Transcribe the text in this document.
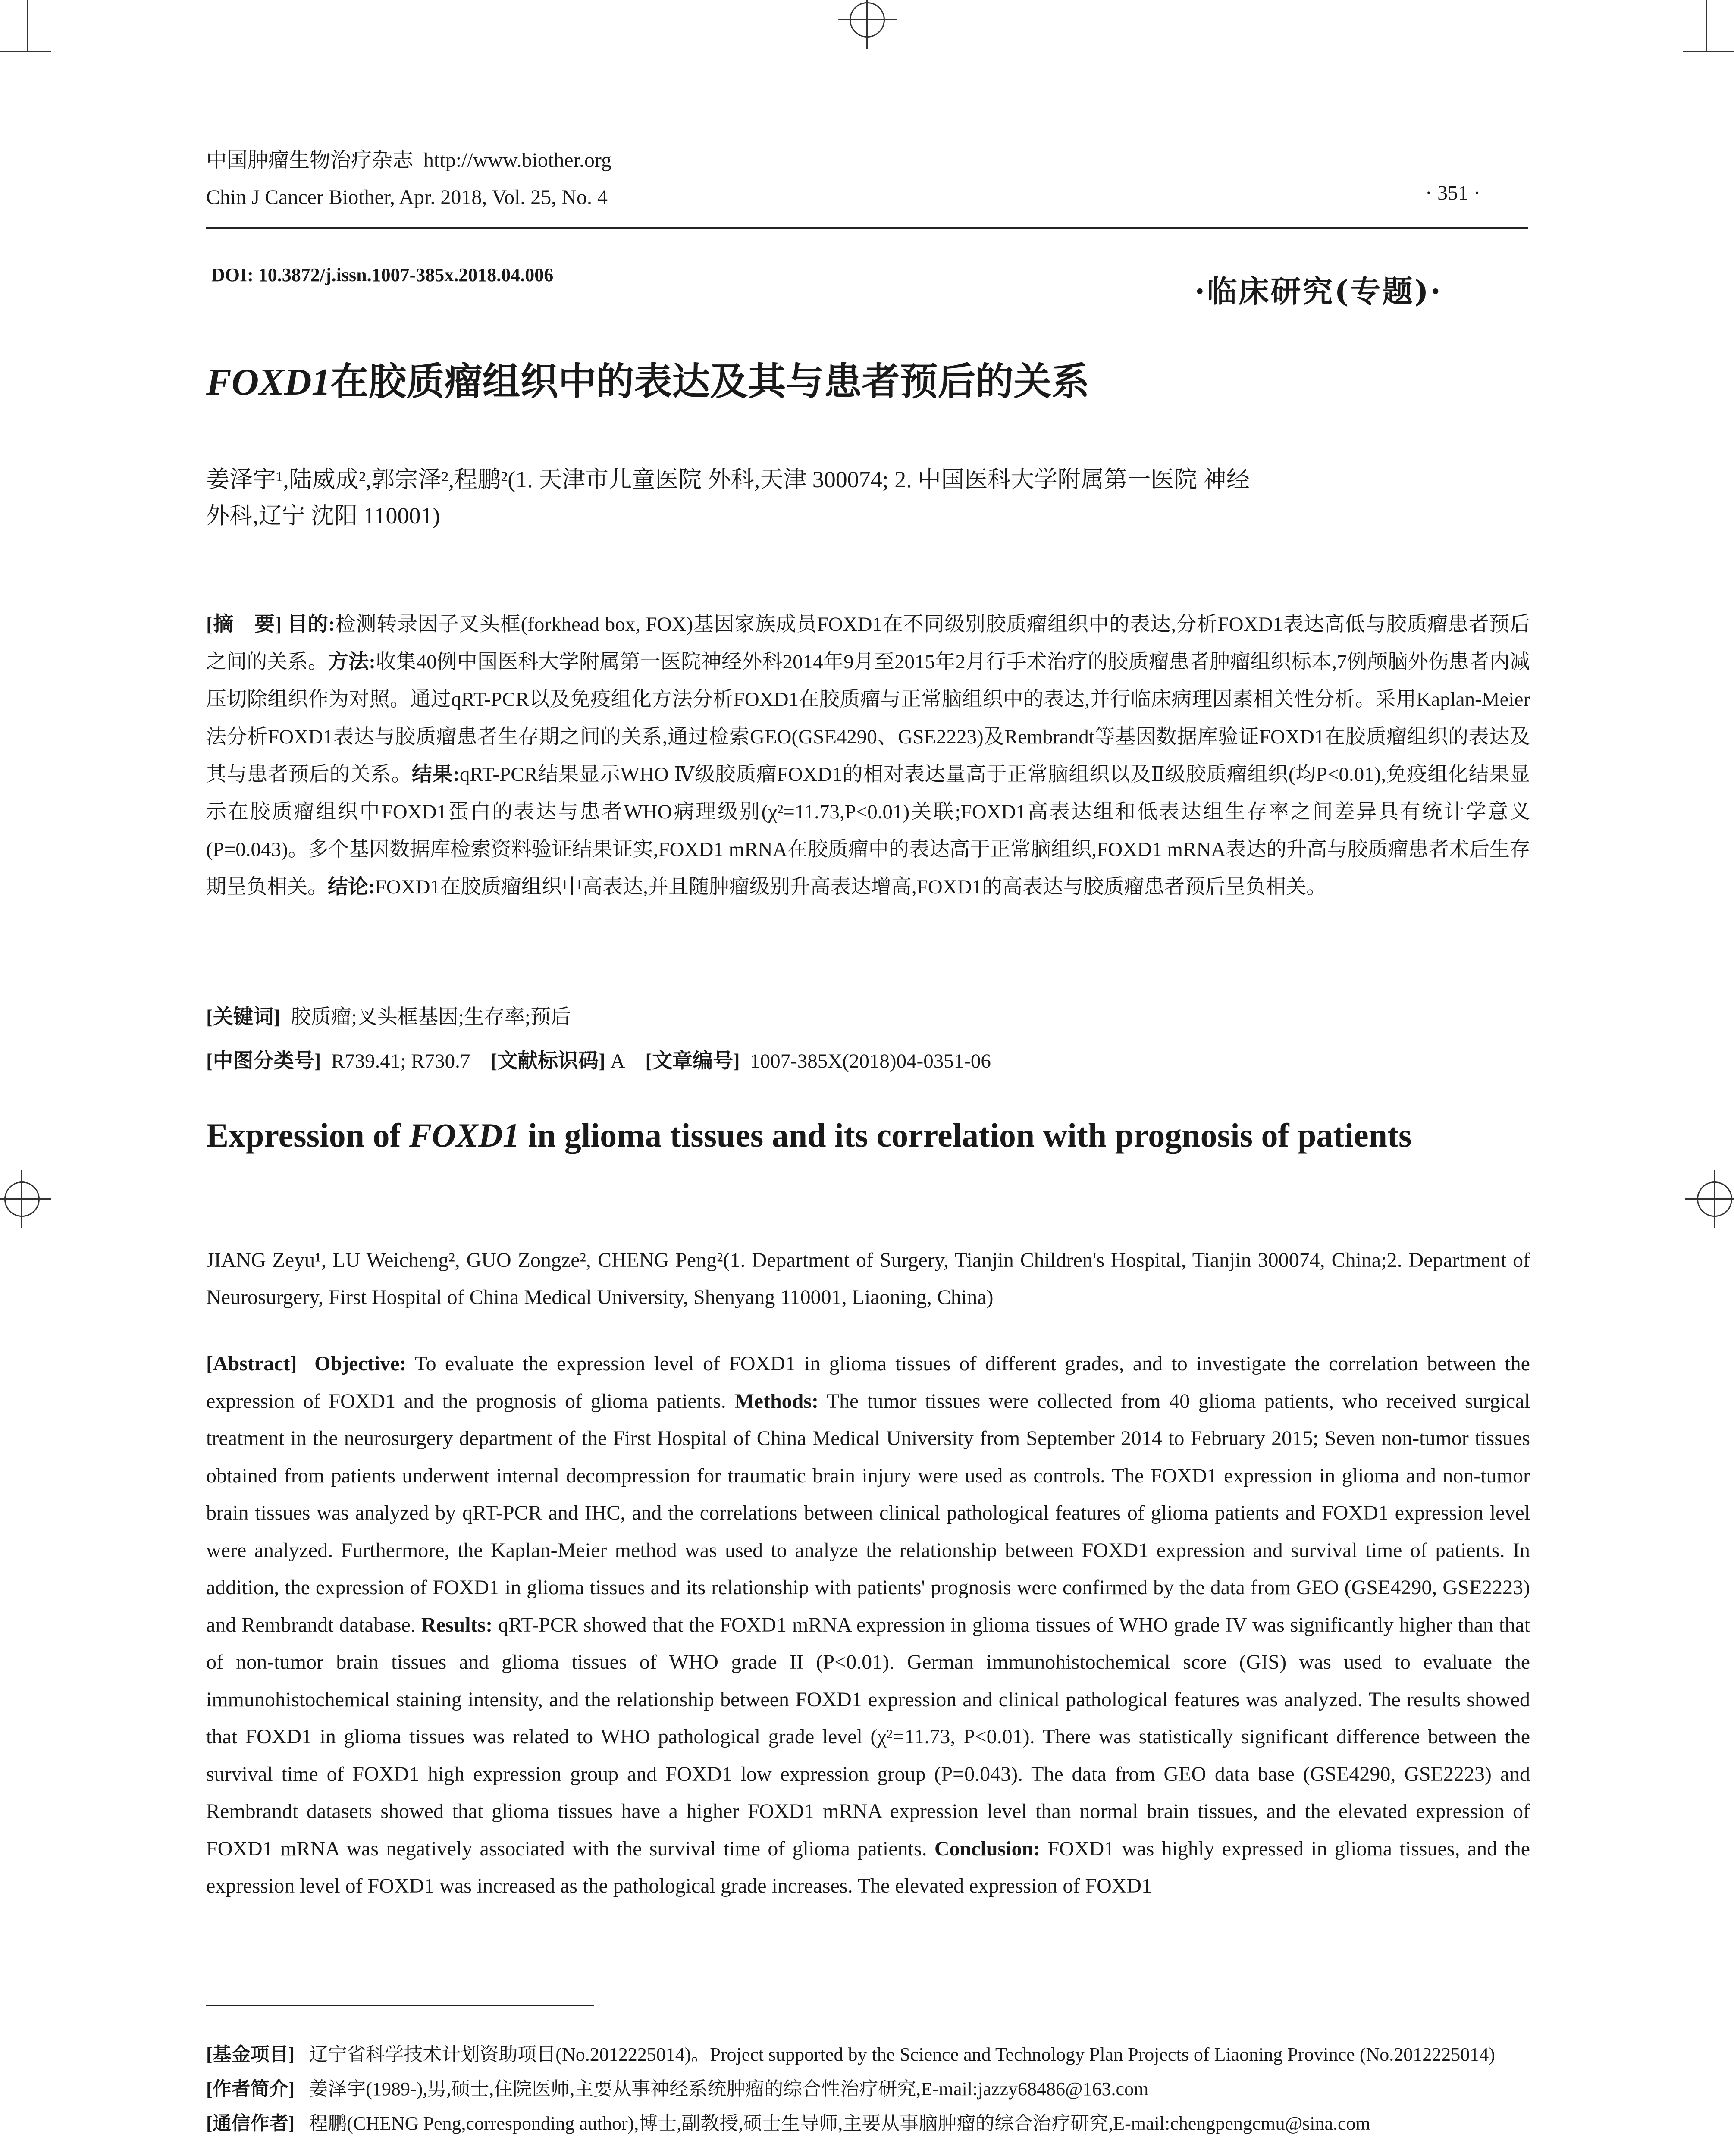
中国肿瘤生物治疗杂志 http://www.biother.org
Chin J Cancer Biother, Apr. 2018, Vol. 25, No. 4	· 351 ·
DOI: 10.3872/j.issn.1007-385x.2018.04.006	·临床研究(专题)·
FOXD1在胶质瘤组织中的表达及其与患者预后的关系
姜泽宇¹,陆威成²,郭宗泽²,程鹏²(1. 天津市儿童医院 外科,天津 300074; 2. 中国医科大学附属第一医院 神经
外科,辽宁 沈阳 110001)
[摘　要] 目的:检测转录因子叉头框(forkhead box, FOX)基因家族成员FOXD1在不同级别胶质瘤组织中的表达,分析FOXD1表达高低与胶质瘤患者预后之间的关系。方法:收集40例中国医科大学附属第一医院神经外科2014年9月至2015年2月行手术治疗的胶质瘤患者肿瘤组织标本,7例颅脑外伤患者内减压切除组织作为对照。通过qRT-PCR以及免疫组化方法分析FOXD1在胶质瘤与正常脑组织中的表达,并行临床病理因素相关性分析。采用Kaplan-Meier法分析FOXD1表达与胶质瘤患者生存期之间的关系,通过检索GEO(GSE4290、GSE2223)及Rembrandt等基因数据库验证FOXD1在胶质瘤组织的表达及其与患者预后的关系。结果:qRT-PCR结果显示WHO Ⅳ级胶质瘤FOXD1的相对表达量高于正常脑组织以及Ⅱ级胶质瘤组织(均P<0.01),免疫组化结果显示在胶质瘤组织中FOXD1蛋白的表达与患者WHO病理级别(χ²=11.73,P<0.01)关联;FOXD1高表达组和低表达组生存率之间差异具有统计学意义(P=0.043)。多个基因数据库检索资料验证结果证实,FOXD1 mRNA在胶质瘤中的表达高于正常脑组织,FOXD1 mRNA表达的升高与胶质瘤患者术后生存期呈负相关。结论:FOXD1在胶质瘤组织中高表达,并且随肿瘤级别升高表达增高,FOXD1的高表达与胶质瘤患者预后呈负相关。
[关键词] 胶质瘤;叉头框基因;生存率;预后
[中图分类号] R739.41; R730.7 [文献标识码] A [文章编号] 1007-385X(2018)04-0351-06
Expression of FOXD1 in glioma tissues and its correlation with prognosis of patients
JIANG Zeyu¹, LU Weicheng², GUO Zongze², CHENG Peng²(1. Department of Surgery, Tianjin Children's Hospital, Tianjin 300074, China;2. Department of Neurosurgery, First Hospital of China Medical University, Shenyang 110001, Liaoning, China)
[Abstract] Objective: To evaluate the expression level of FOXD1 in glioma tissues of different grades, and to investigate the correlation between the expression of FOXD1 and the prognosis of glioma patients. Methods: The tumor tissues were collected from 40 glioma patients, who received surgical treatment in the neurosurgery department of the First Hospital of China Medical University from September 2014 to February 2015; Seven non-tumor tissues obtained from patients underwent internal decompression for traumatic brain injury were used as controls. The FOXD1 expression in glioma and non-tumor brain tissues was analyzed by qRT-PCR and IHC, and the correlations between clinical pathological features of glioma patients and FOXD1 expression level were analyzed. Furthermore, the Kaplan-Meier method was used to analyze the relationship between FOXD1 expression and survival time of patients. In addition, the expression of FOXD1 in glioma tissues and its relationship with patients' prognosis were confirmed by the data from GEO (GSE4290, GSE2223) and Rembrandt database. Results: qRT-PCR showed that the FOXD1 mRNA expression in glioma tissues of WHO grade IV was significantly higher than that of non-tumor brain tissues and glioma tissues of WHO grade II (P<0.01). German immunohistochemical score (GIS) was used to evaluate the immunohistochemical staining intensity, and the relationship between FOXD1 expression and clinical pathological features was analyzed. The results showed that FOXD1 in glioma tissues was related to WHO pathological grade level (χ²=11.73, P<0.01). There was statistically significant difference between the survival time of FOXD1 high expression group and FOXD1 low expression group (P=0.043). The data from GEO data base (GSE4290, GSE2223) and Rembrandt datasets showed that glioma tissues have a higher FOXD1 mRNA expression level than normal brain tissues, and the elevated expression of FOXD1 mRNA was negatively associated with the survival time of glioma patients. Conclusion: FOXD1 was highly expressed in glioma tissues, and the expression level of FOXD1 was increased as the pathological grade increases. The elevated expression of FOXD1
[基金项目] 辽宁省科学技术计划资助项目(No.2012225014)。Project supported by the Science and Technology Plan Projects of Liaoning Province (No.2012225014)
[作者简介] 姜泽宇(1989-),男,硕士,住院医师,主要从事神经系统肿瘤的综合性治疗研究,E-mail:jazzy68486@163.com
[通信作者] 程鹏(CHENG Peng,corresponding author),博士,副教授,硕士生导师,主要从事脑肿瘤的综合治疗研究,E-mail:chengpengcmu@sina.com
